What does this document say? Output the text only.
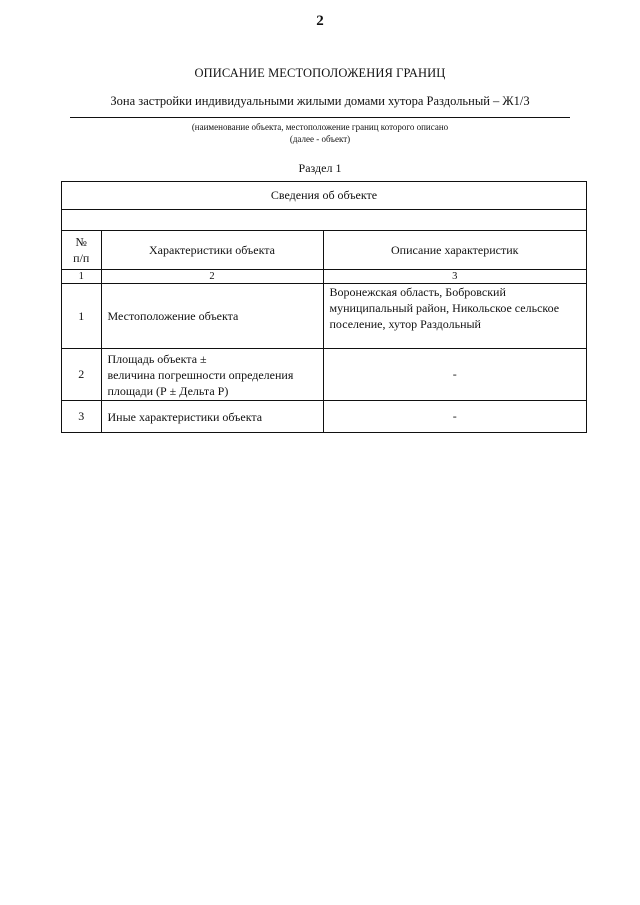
2
ОПИСАНИЕ МЕСТОПОЛОЖЕНИЯ ГРАНИЦ
Зона застройки индивидуальными жилыми домами хутора Раздольный – Ж1/3
(наименование объекта, местоположение границ которого описано
(далее - объект)
Раздел 1
Сведения об объекте		

№
п/п	Характеристики объекта	Описание характеристик
1	2	3
1	Местоположение объекта	Воронежская область, Бобровский муниципальный район, Никольское сельское поселение, хутор Раздольный
2	Площадь объекта ±
величина погрешности определения
площади (Р ± Дельта Р)	-
3	Иные характеристики объекта	-
